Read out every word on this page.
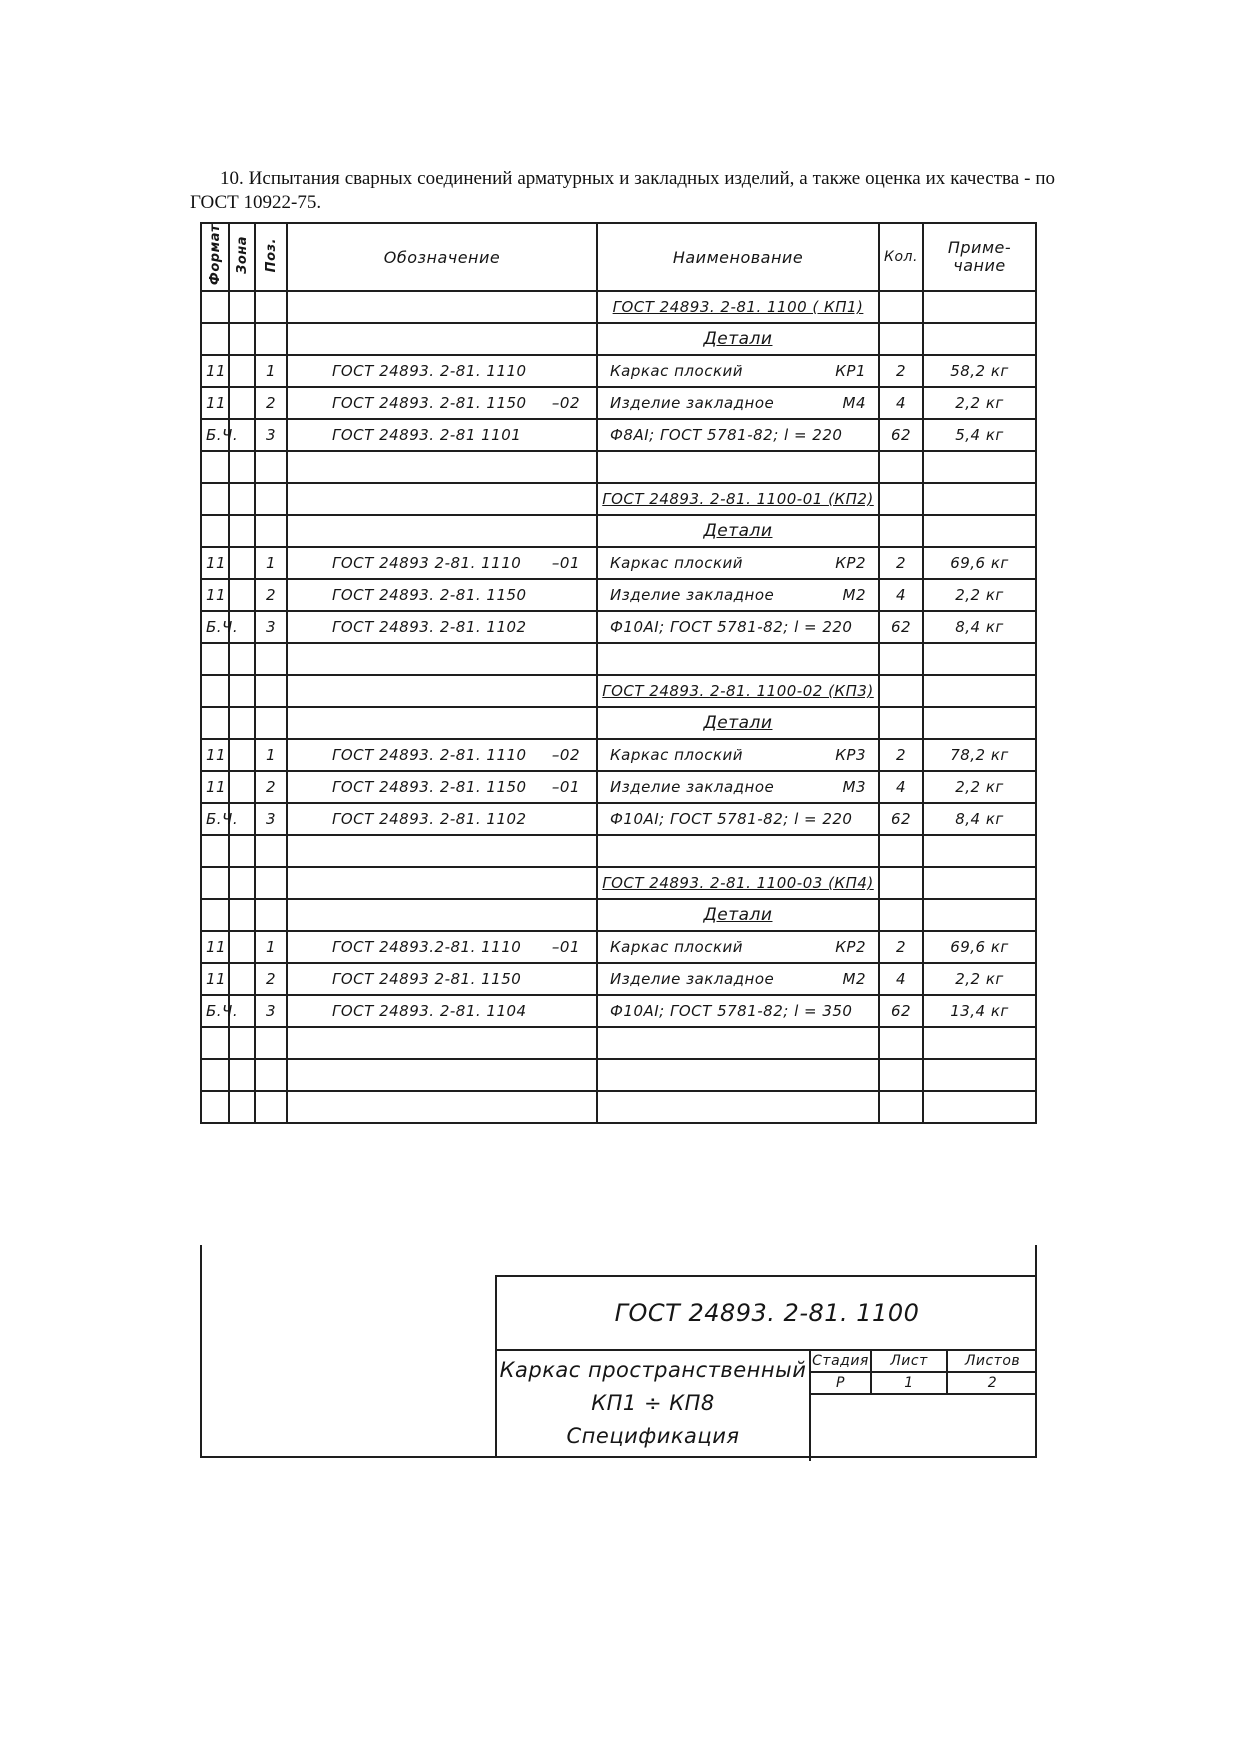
10. Испытания сварных соединений арматурных и закладных изделий, а также оценка их качества - по ГОСТ 10922-75.

Формат	Зона	Поз.	Обозначение	Наименование	Кол.	Приме-
чание
				ГОСТ 24893. 2-81. 1100 ( КП1)		
				Детали		
11		1	ГОСТ 24893. 2-81. 1110	Каркас плоский КР1	2	58,2 кг
11		2	ГОСТ 24893. 2-81. 1150 –02	Изделие закладное М4	4	2,2 кг
Б.Ч.		3	ГОСТ 24893. 2-81 1101	Ф8АI; ГОСТ 5781-82; l = 220	62	5,4 кг

				ГОСТ 24893. 2-81. 1100-01 (КП2)		
				Детали		
11		1	ГОСТ 24893 2-81. 1110 –01	Каркас плоский КР2	2	69,6 кг
11		2	ГОСТ 24893. 2-81. 1150	Изделие закладное М2	4	2,2 кг
Б.Ч.		3	ГОСТ 24893. 2-81. 1102	Ф10АI; ГОСТ 5781-82; l = 220	62	8,4 кг

				ГОСТ 24893. 2-81. 1100-02 (КП3)		
				Детали		
11		1	ГОСТ 24893. 2-81. 1110 –02	Каркас плоский КР3	2	78,2 кг
11		2	ГОСТ 24893. 2-81. 1150 –01	Изделие закладное М3	4	2,2 кг
Б.Ч.		3	ГОСТ 24893. 2-81. 1102	Ф10АI; ГОСТ 5781-82; l = 220	62	8,4 кг

				ГОСТ 24893. 2-81. 1100-03 (КП4)		
				Детали		
11		1	ГОСТ 24893.2-81. 1110 –01	Каркас плоский КР2	2	69,6 кг
11		2	ГОСТ 24893 2-81. 1150	Изделие закладное М2	4	2,2 кг
Б.Ч.		3	ГОСТ 24893. 2-81. 1104	Ф10АI; ГОСТ 5781-82; l = 350	62	13,4 кг

ГОСТ 24893. 2-81. 1100
Каркас пространственный
КП1 ÷ КП8
Спецификация
Стадия	Лист	Листов
Р	1	2
